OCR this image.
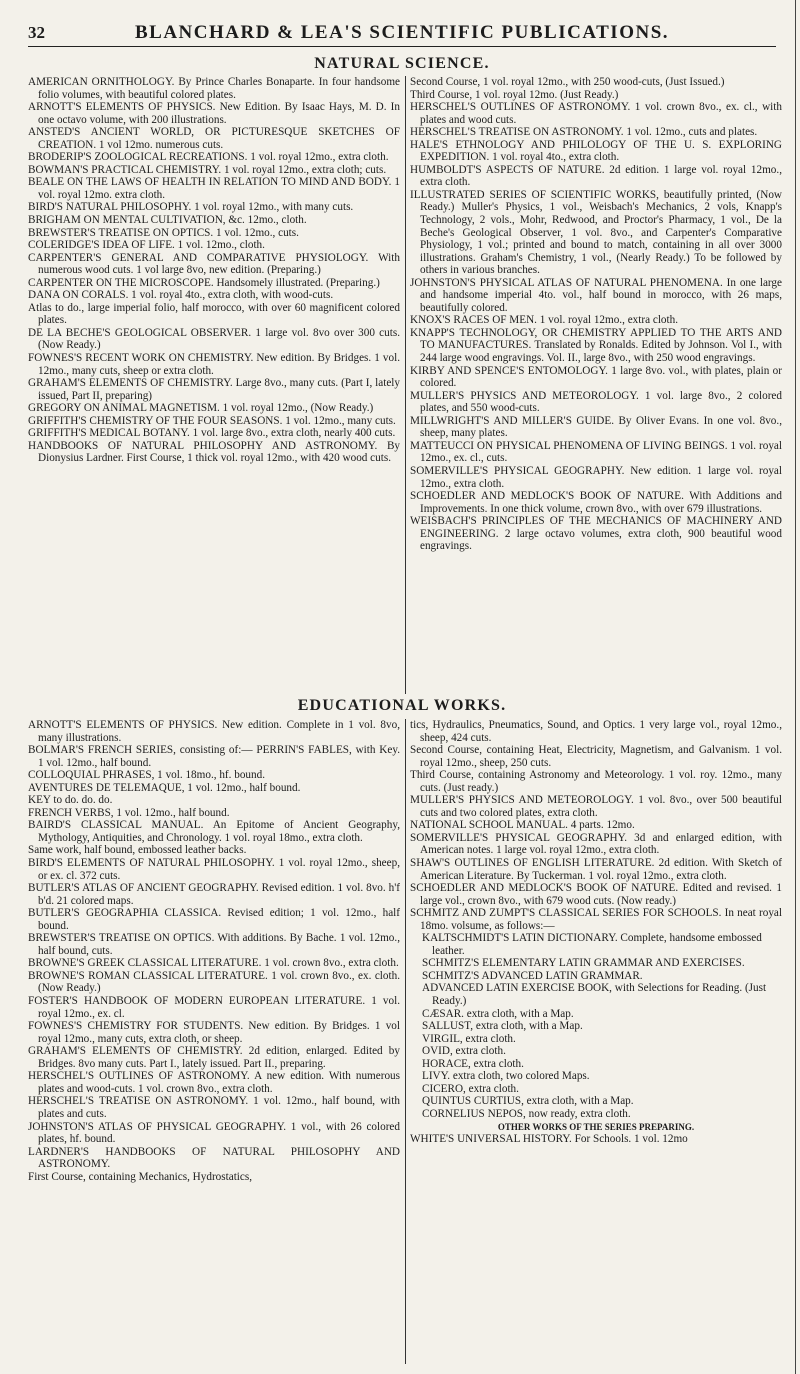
32	BLANCHARD & LEA'S SCIENTIFIC PUBLICATIONS.
NATURAL SCIENCE.

AMERICAN ORNITHOLOGY. By Prince Charles Bonaparte. In four handsome folio volumes, with beautiful colored plates.

ARNOTT'S ELEMENTS OF PHYSICS. New Edition. By Isaac Hays, M. D. In one octavo volume, with 200 illustrations.

ANSTED'S ANCIENT WORLD, OR PICTURESQUE SKETCHES OF CREATION. 1 vol 12mo. numerous cuts.

BRODERIP'S ZOOLOGICAL RECREATIONS. 1 vol. royal 12mo., extra cloth.

BOWMAN'S PRACTICAL CHEMISTRY. 1 vol. royal 12mo., extra cloth; cuts.

BEALE ON THE LAWS OF HEALTH IN RELATION TO MIND AND BODY. 1 vol. royal 12mo. extra cloth.

BIRD'S NATURAL PHILOSOPHY. 1 vol. royal 12mo., with many cuts.

BRIGHAM ON MENTAL CULTIVATION, &c. 12mo., cloth.

BREWSTER'S TREATISE ON OPTICS. 1 vol. 12mo., cuts.

COLERIDGE'S IDEA OF LIFE. 1 vol. 12mo., cloth.

CARPENTER'S GENERAL AND COMPARATIVE PHYSIOLOGY. With numerous wood cuts. 1 vol large 8vo, new edition. (Preparing.)

CARPENTER ON THE MICROSCOPE. Handsomely illustrated. (Preparing.)

DANA ON CORALS. 1 vol. royal 4to., extra cloth, with wood-cuts.

Atlas to do., large imperial folio, half morocco, with over 60 magnificent colored plates.

DE LA BECHE'S GEOLOGICAL OBSERVER. 1 large vol. 8vo over 300 cuts. (Now Ready.)

FOWNES'S RECENT WORK ON CHEMISTRY. New edition. By Bridges. 1 vol. 12mo., many cuts, sheep or extra cloth.

GRAHAM'S ELEMENTS OF CHEMISTRY. Large 8vo., many cuts. (Part I, lately issued, Part II, preparing)

GREGORY ON ANIMAL MAGNETISM. 1 vol. royal 12mo., (Now Ready.)

GRIFFITH'S CHEMISTRY OF THE FOUR SEASONS. 1 vol. 12mo., many cuts.

GRIFFITH'S MEDICAL BOTANY. 1 vol. large 8vo., extra cloth, nearly 400 cuts.

HANDBOOKS OF NATURAL PHILOSOPHY AND ASTRONOMY. By Dionysius Lardner. First Course, 1 thick vol. royal 12mo., with 420 wood cuts.

Second Course, 1 vol. royal 12mo., with 250 wood-cuts, (Just Issued.)

Third Course, 1 vol. royal 12mo. (Just Ready.)

HERSCHEL'S OUTLINES OF ASTRONOMY. 1 vol. crown 8vo., ex. cl., with plates and wood cuts.

HERSCHEL'S TREATISE ON ASTRONOMY. 1 vol. 12mo., cuts and plates.

HALE'S ETHNOLOGY AND PHILOLOGY OF THE U. S. EXPLORING EXPEDITION. 1 vol. royal 4to., extra cloth.

HUMBOLDT'S ASPECTS OF NATURE. 2d edition. 1 large vol. royal 12mo., extra cloth.

ILLUSTRATED SERIES OF SCIENTIFIC WORKS, beautifully printed, (Now Ready.) Muller's Physics, 1 vol., Weisbach's Mechanics, 2 vols, Knapp's Technology, 2 vols., Mohr, Redwood, and Proctor's Pharmacy, 1 vol., De la Beche's Geological Observer, 1 vol. 8vo., and Carpenter's Comparative Physiology, 1 vol.; printed and bound to match, containing in all over 3000 illustrations. Graham's Chemistry, 1 vol., (Nearly Ready.) To be followed by others in various branches.

JOHNSTON'S PHYSICAL ATLAS OF NATURAL PHENOMENA. In one large and handsome imperial 4to. vol., half bound in morocco, with 26 maps, beautifully colored.

KNOX'S RACES OF MEN. 1 vol. royal 12mo., extra cloth.

KNAPP'S TECHNOLOGY, OR CHEMISTRY APPLIED TO THE ARTS AND TO MANUFACTURES. Translated by Ronalds. Edited by Johnson. Vol I., with 244 large wood engravings. Vol. II., large 8vo., with 250 wood engravings.

KIRBY AND SPENCE'S ENTOMOLOGY. 1 large 8vo. vol., with plates, plain or colored.

MULLER'S PHYSICS AND METEOROLOGY. 1 vol. large 8vo., 2 colored plates, and 550 wood-cuts.

MILLWRIGHT'S AND MILLER'S GUIDE. By Oliver Evans. In one vol. 8vo., sheep, many plates.

MATTEUCCI ON PHYSICAL PHENOMENA OF LIVING BEINGS. 1 vol. royal 12mo., ex. cl., cuts.

SOMERVILLE'S PHYSICAL GEOGRAPHY. New edition. 1 large vol. royal 12mo., extra cloth.

SCHOEDLER AND MEDLOCK'S BOOK OF NATURE. With Additions and Improvements. In one thick volume, crown 8vo., with over 679 illustrations.

WEISBACH'S PRINCIPLES OF THE MECHANICS OF MACHINERY AND ENGINEERING. 2 large octavo volumes, extra cloth, 900 beautiful wood engravings.

EDUCATIONAL WORKS.

ARNOTT'S ELEMENTS OF PHYSICS. New edition. Complete in 1 vol. 8vo, many illustrations.

BOLMAR'S FRENCH SERIES, consisting of:— PERRIN'S FABLES, with Key. 1 vol. 12mo., half bound.

COLLOQUIAL PHRASES, 1 vol. 18mo., hf. bound.

AVENTURES DE TELEMAQUE, 1 vol. 12mo., half bound.

KEY to do. do. do.

FRENCH VERBS, 1 vol. 12mo., half bound.

BAIRD'S CLASSICAL MANUAL. An Epitome of Ancient Geography, Mythology, Antiquities, and Chronology. 1 vol. royal 18mo., extra cloth.

Same work, half bound, embossed leather backs.

BIRD'S ELEMENTS OF NATURAL PHILOSOPHY. 1 vol. royal 12mo., sheep, or ex. cl. 372 cuts.

BUTLER'S ATLAS OF ANCIENT GEOGRAPHY. Revised edition. 1 vol. 8vo. h'f b'd. 21 colored maps.

BUTLER'S GEOGRAPHIA CLASSICA. Revised edition; 1 vol. 12mo., half bound.

BREWSTER'S TREATISE ON OPTICS. With additions. By Bache. 1 vol. 12mo., half bound, cuts.

BROWNE'S GREEK CLASSICAL LITERATURE. 1 vol. crown 8vo., extra cloth.

BROWNE'S ROMAN CLASSICAL LITERATURE. 1 vol. crown 8vo., ex. cloth. (Now Ready.)

FOSTER'S HANDBOOK OF MODERN EUROPEAN LITERATURE. 1 vol. royal 12mo., ex. cl.

FOWNES'S CHEMISTRY FOR STUDENTS. New edition. By Bridges. 1 vol royal 12mo., many cuts, extra cloth, or sheep.

GRAHAM'S ELEMENTS OF CHEMISTRY. 2d edition, enlarged. Edited by Bridges. 8vo many cuts. Part I., lately issued. Part II., preparing.

HERSCHEL'S OUTLINES OF ASTRONOMY. A new edition. With numerous plates and wood-cuts. 1 vol. crown 8vo., extra cloth.

HERSCHEL'S TREATISE ON ASTRONOMY. 1 vol. 12mo., half bound, with plates and cuts.

JOHNSTON'S ATLAS OF PHYSICAL GEOGRAPHY. 1 vol., with 26 colored plates, hf. bound.

LARDNER'S HANDBOOKS OF NATURAL PHILOSOPHY AND ASTRONOMY.

First Course, containing Mechanics, Hydrostatics,

tics, Hydraulics, Pneumatics, Sound, and Optics. 1 very large vol., royal 12mo., sheep, 424 cuts.

Second Course, containing Heat, Electricity, Magnetism, and Galvanism. 1 vol. royal 12mo., sheep, 250 cuts.

Third Course, containing Astronomy and Meteorology. 1 vol. roy. 12mo., many cuts. (Just ready.)

MULLER'S PHYSICS AND METEOROLOGY. 1 vol. 8vo., over 500 beautiful cuts and two colored plates, extra cloth.

NATIONAL SCHOOL MANUAL. 4 parts. 12mo.

SOMERVILLE'S PHYSICAL GEOGRAPHY. 3d and enlarged edition, with American notes. 1 large vol. royal 12mo., extra cloth.

SHAW'S OUTLINES OF ENGLISH LITERATURE. 2d edition. With Sketch of American Literature. By Tuckerman. 1 vol. royal 12mo., extra cloth.

SCHOEDLER AND MEDLOCK'S BOOK OF NATURE. Edited and revised. 1 large vol., crown 8vo., with 679 wood cuts. (Now ready.)

SCHMITZ AND ZUMPT'S CLASSICAL SERIES FOR SCHOOLS. In neat royal 18mo. volsume, as follows:—

KALTSCHMIDT'S LATIN DICTIONARY. Complete, handsome embossed leather.

SCHMITZ'S ELEMENTARY LATIN GRAMMAR AND EXERCISES.

SCHMITZ'S ADVANCED LATIN GRAMMAR.

ADVANCED LATIN EXERCISE BOOK, with Selections for Reading. (Just Ready.)

CÆSAR. extra cloth, with a Map.

SALLUST, extra cloth, with a Map.

VIRGIL, extra cloth.

OVID, extra cloth.

HORACE, extra cloth.

LIVY. extra cloth, two colored Maps.

CICERO, extra cloth.

QUINTUS CURTIUS, extra cloth, with a Map.

CORNELIUS NEPOS, now ready, extra cloth.

OTHER WORKS OF THE SERIES PREPARING.

WHITE'S UNIVERSAL HISTORY. For Schools. 1 vol. 12mo
